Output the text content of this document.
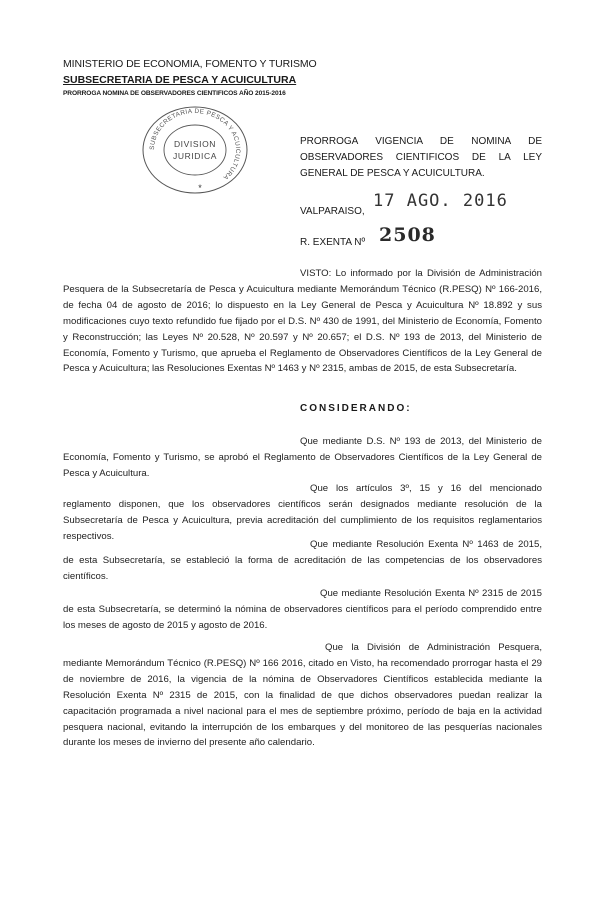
MINISTERIO DE ECONOMIA, FOMENTO Y TURISMO
SUBSECRETARIA DE PESCA Y ACUICULTURA
PRORROGA NOMINA DE OBSERVADORES CIENTIFICOS AÑO 2015-2016
SUBSECRETARIA DE PESCA Y ACUICULTURA
DIVISION
JURIDICA
*
PRORROGA VIGENCIA DE NOMINA DE OBSERVADORES CIENTIFICOS DE LA LEY GENERAL DE PESCA Y ACUICULTURA.
VALPARAISO,
17 AGO. 2016
R. EXENTA Nº 2508
VISTO: Lo informado por la División de Administración Pesquera de la Subsecretaría de Pesca y Acuicultura mediante Memorándum Técnico (R.PESQ) Nº 166-2016, de fecha 04 de agosto de 2016; lo dispuesto en la Ley General de Pesca y Acuicultura Nº 18.892 y sus modificaciones cuyo texto refundido fue fijado por el D.S. Nº 430 de 1991, del Ministerio de Economía, Fomento y Reconstrucción; las Leyes Nº 20.528, Nº 20.597 y Nº 20.657; el D.S. Nº 193 de 2013, del Ministerio de Economía, Fomento y Turismo, que aprueba el Reglamento de Observadores Científicos de la Ley General de Pesca y Acuicultura; las Resoluciones Exentas Nº 1463 y Nº 2315, ambas de 2015, de esta Subsecretaría.
CONSIDERANDO:
Que mediante D.S. Nº 193 de 2013, del Ministerio de Economía, Fomento y Turismo, se aprobó el Reglamento de Observadores Científicos de la Ley General de Pesca y Acuicultura.
Que los artículos 3º, 15 y 16 del mencionado reglamento disponen, que los observadores científicos serán designados mediante resolución de la Subsecretaría de Pesca y Acuicultura, previa acreditación del cumplimiento de los requisitos reglamentarios respectivos.
Que mediante Resolución Exenta Nº 1463 de 2015, de esta Subsecretaría, se estableció la forma de acreditación de las competencias de los observadores científicos.
Que mediante Resolución Exenta Nº 2315 de 2015 de esta Subsecretaría, se determinó la nómina de observadores científicos para el período comprendido entre los meses de agosto de 2015 y agosto de 2016.
Que la División de Administración Pesquera, mediante Memorándum Técnico (R.PESQ) Nº 166 2016, citado en Visto, ha recomendado prorrogar hasta el 29 de noviembre de 2016, la vigencia de la nómina de Observadores Científicos establecida mediante la Resolución Exenta Nº 2315 de 2015, con la finalidad de que dichos observadores puedan realizar la capacitación programada a nivel nacional para el mes de septiembre próximo, período de baja en la actividad pesquera nacional, evitando la interrupción de los embarques y del monitoreo de las pesquerías nacionales durante los meses de invierno del presente año calendario.
